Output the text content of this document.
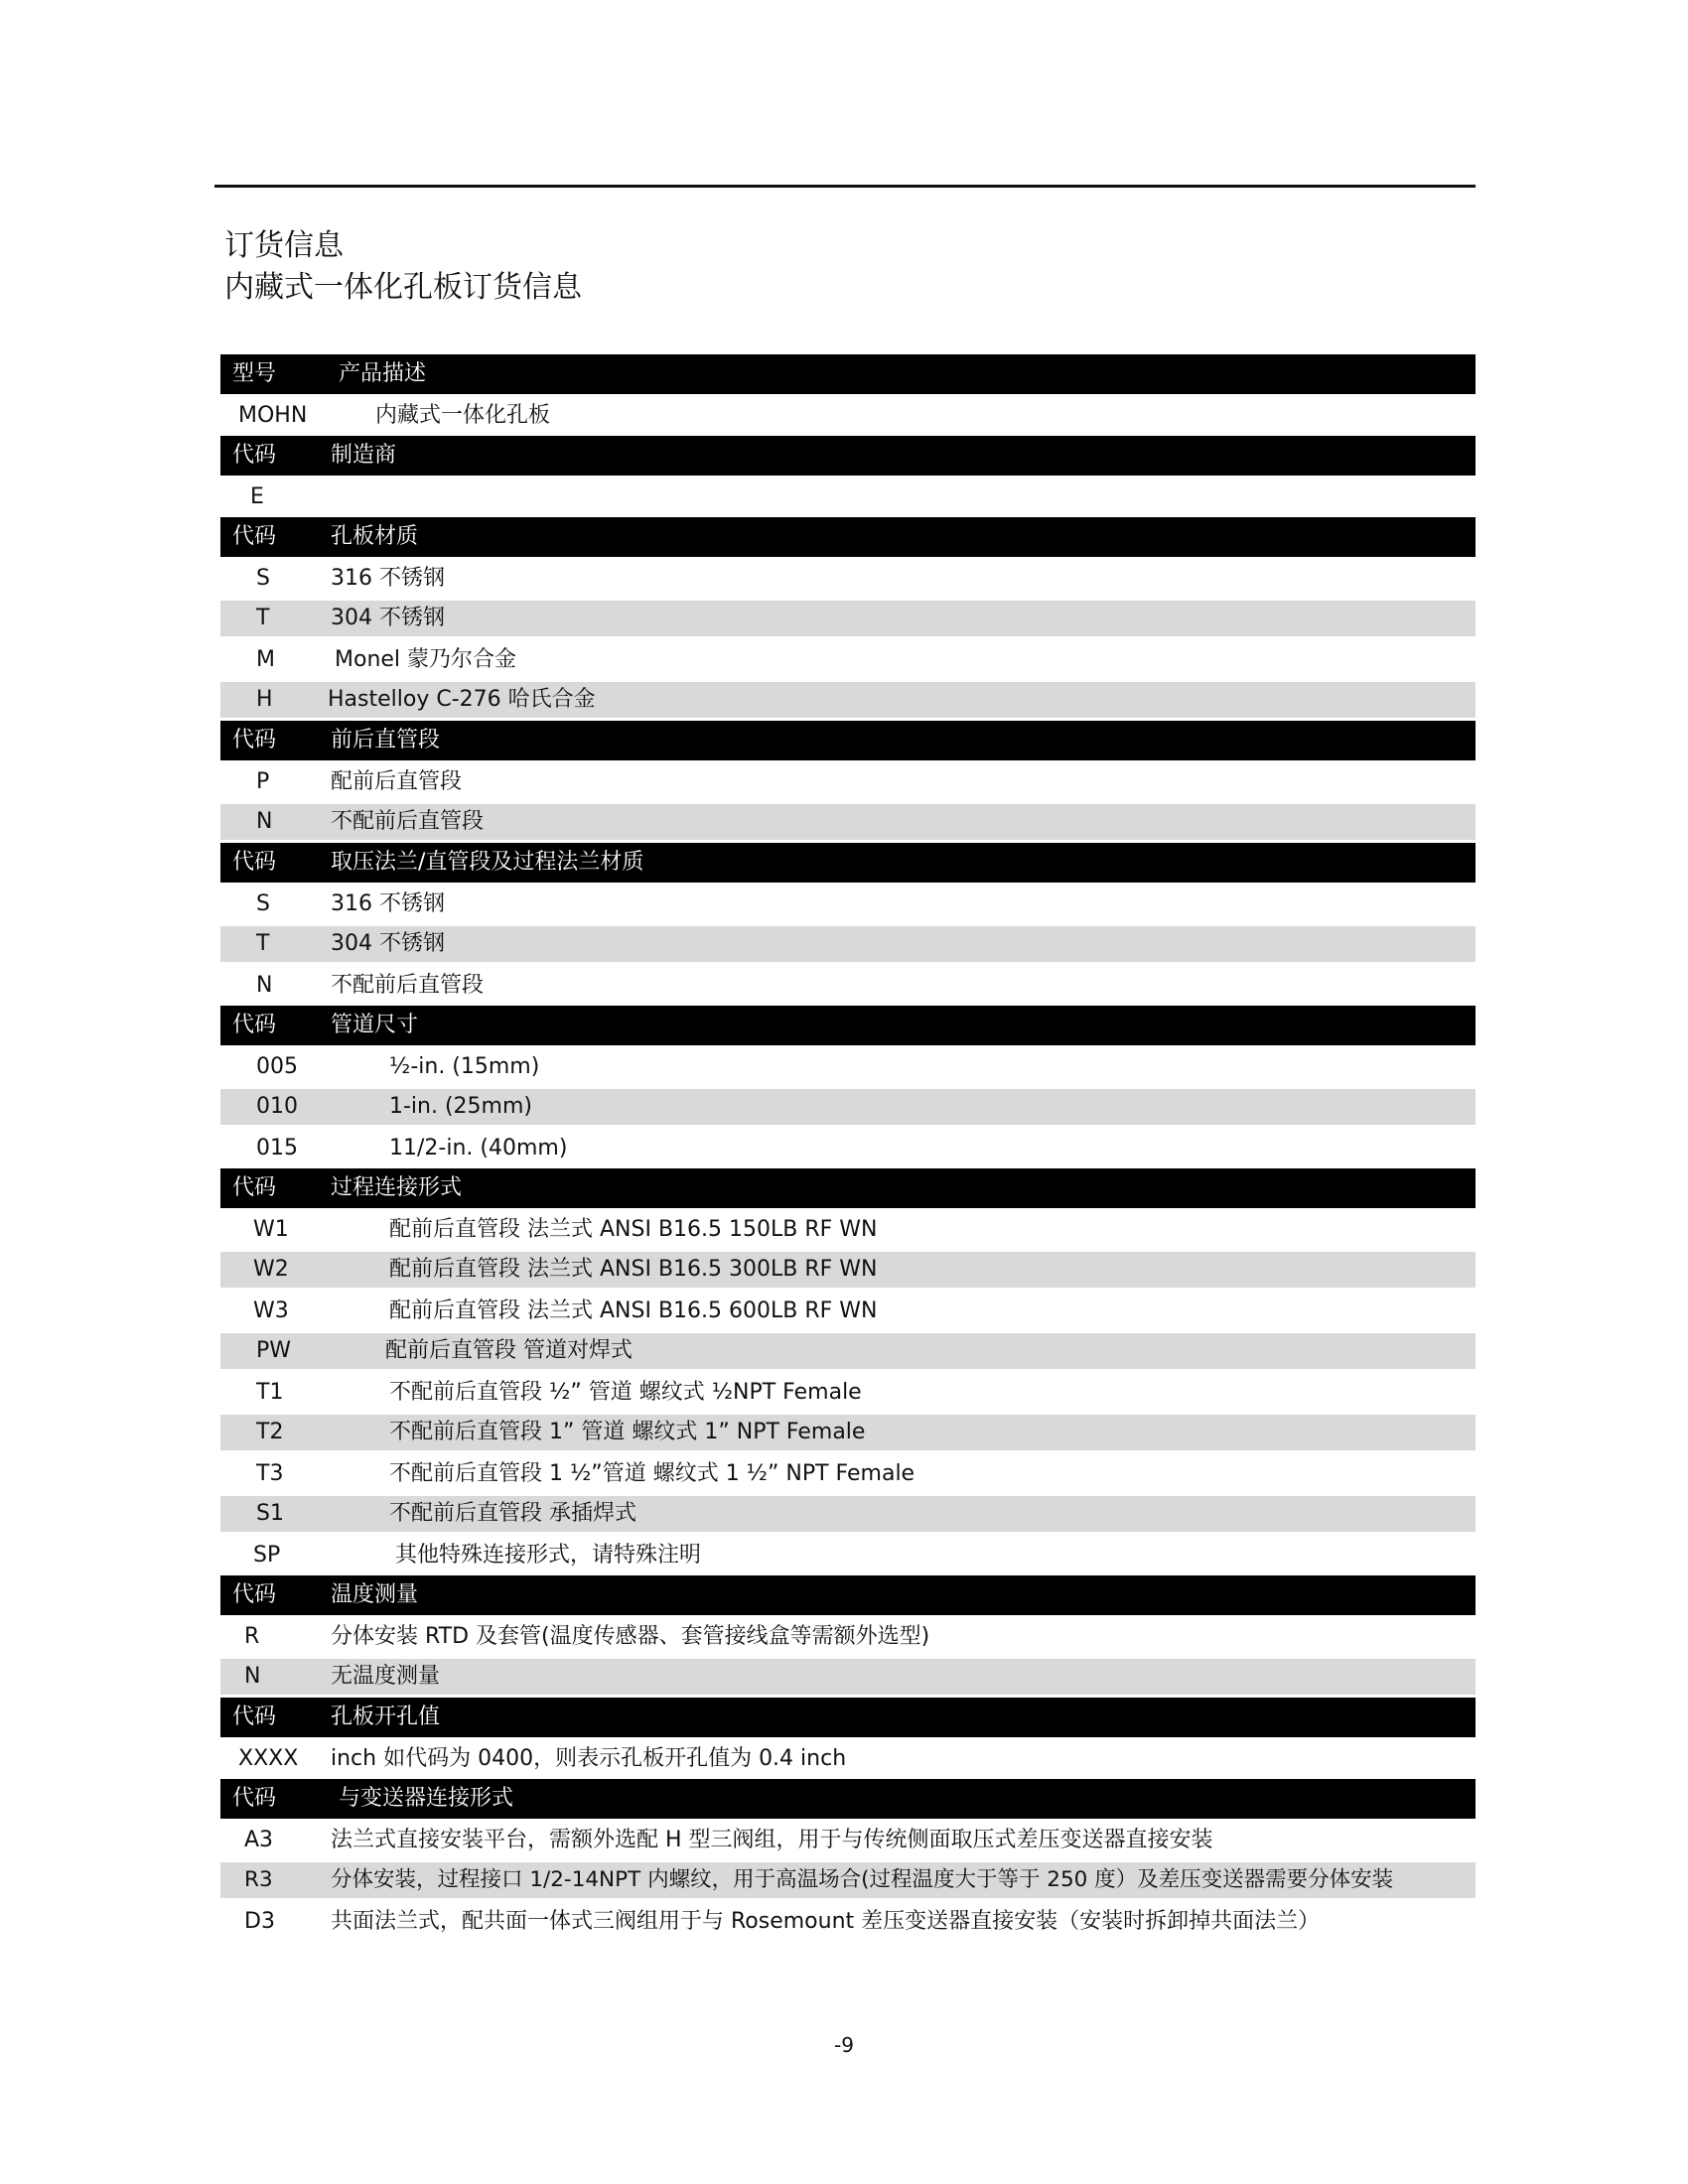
订货信息
内藏式一体化孔板订货信息
型号	产品描述
MOHN	内藏式一体化孔板
代码 制造商
E
代码 孔板材质
S	316 不锈钢
T	304 不锈钢
M	Monel 蒙乃尔合金
H	Hastelloy C-276 哈氏合金
代码 前后直管段
P	配前后直管段
N	不配前后直管段
代码 取压法兰/直管段及过程法兰材质
S	316 不锈钢
T	304 不锈钢
N	不配前后直管段
代码 管道尺寸
005	½-in. (15mm)
010	1-in. (25mm)
015	11/2-in. (40mm)
代码 过程连接形式
W1	配前后直管段 法兰式 ANSI B16.5 150LB RF WN
W2	配前后直管段 法兰式 ANSI B16.5 300LB RF WN
W3	配前后直管段 法兰式 ANSI B16.5 600LB RF WN
PW	配前后直管段 管道对焊式
T1	不配前后直管段 ½” 管道 螺纹式 ½NPT Female
T2	不配前后直管段 1” 管道 螺纹式 1” NPT Female
T3	不配前后直管段 1 ½”管道 螺纹式 1 ½” NPT Female
S1	不配前后直管段 承插焊式
SP	其他特殊连接形式，请特殊注明
代码 温度测量
R	分体安装 RTD 及套管(温度传感器、套管接线盒等需额外选型)
N	无温度测量
代码 孔板开孔值
XXXX inch 如代码为 0400，则表示孔板开孔值为 0.4 inch
代码	与变送器连接形式
A3	法兰式直接安装平台，需额外选配 H 型三阀组，用于与传统侧面取压式差压变送器直接安装
R3	分体安装，过程接口 1/2-14NPT 内螺纹，用于高温场合(过程温度大于等于 250 度）及差压变送器需要分体安装
D3	共面法兰式，配共面一体式三阀组用于与 Rosemount 差压变送器直接安装（安装时拆卸掉共面法兰）
-9
